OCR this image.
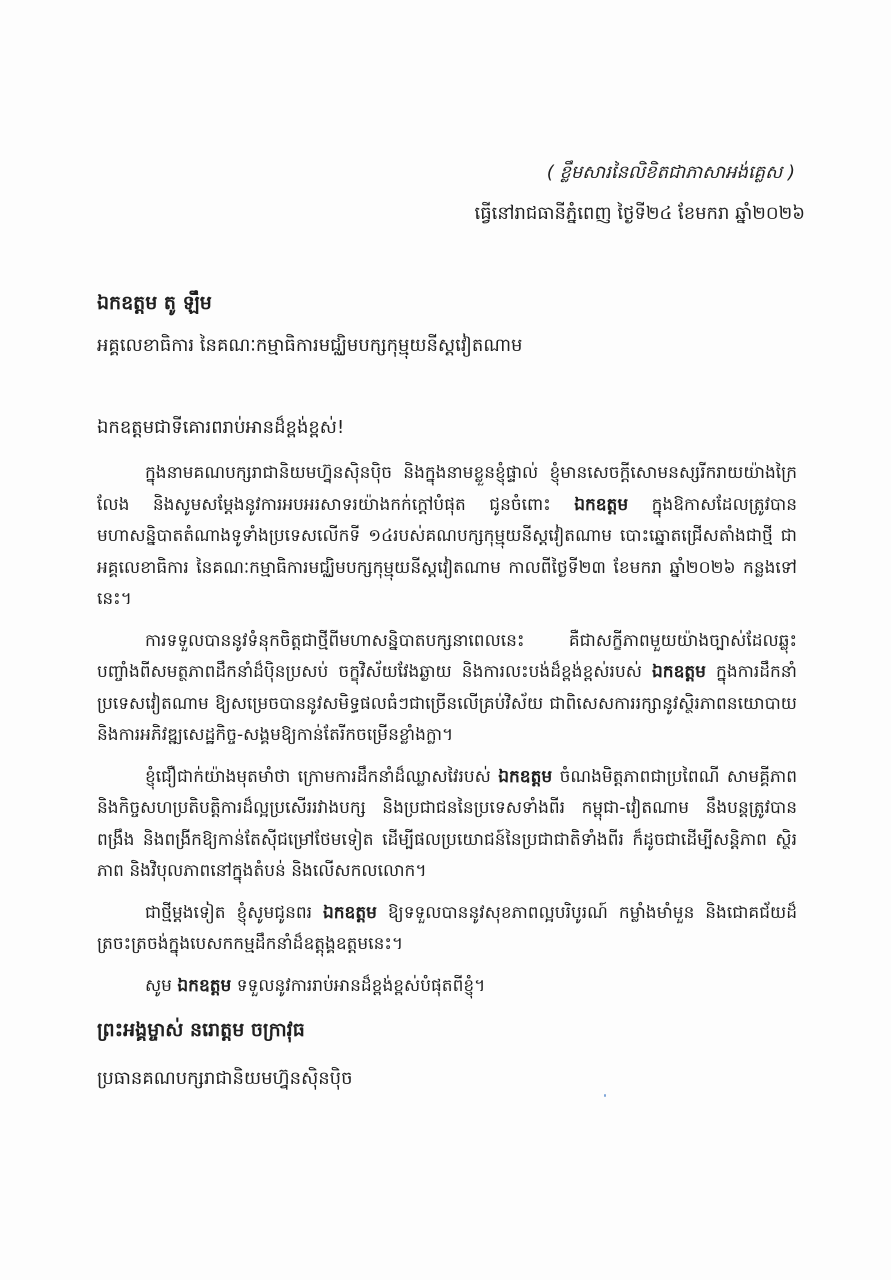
( ខ្លឹមសារនៃលិខិតជាភាសាអង់គ្លេស )
ធ្វើនៅរាជធានីភ្នំពេញ ថ្ងៃទី២៤ ខែមករា ឆ្នាំ២០២៦
ឯកឧត្តម តូ ឡឹម
អគ្គលេខាធិការ នៃគណៈកម្មាធិការមជ្ឈិមបក្សកុម្មុយនីស្តវៀតណាម
ឯកឧត្តមជាទីគោរពរាប់អានដ៏ខ្ពង់ខ្ពស់!

ក្នុងនាមគណបក្សរាជានិយមហ្វ៊ុនស៊ិនប៉ិច និងក្នុងនាមខ្លួនខ្ញុំផ្ទាល់ ខ្ញុំមានសេចក្តីសោមនស្សរីករាយយ៉ាងក្រៃលែង និងសូមសម្តែងនូវការអបអរសាទរយ៉ាងកក់ក្តៅបំផុត ជូនចំពោះ ឯកឧត្តម ក្នុងឱកាសដែលត្រូវបានមហាសន្និបាតតំណាងទូទាំងប្រទេសលើកទី ១៤របស់គណបក្សកុម្មុយនីស្តវៀតណាម បោះឆ្នោតជ្រើសតាំងជាថ្មី ជាអគ្គលេខាធិការ នៃគណៈកម្មាធិការមជ្ឈិមបក្សកុម្មុយនីស្តវៀតណាម កាលពីថ្ងៃទី២៣ ខែមករា ឆ្នាំ២០២៦ កន្លងទៅនេះ។

ការទទួលបាននូវទំនុកចិត្តជាថ្មីពីមហាសន្និបាតបក្សនាពេលនេះ គឺជាសក្ខីភាពមួយយ៉ាងច្បាស់ដែលឆ្លុះបញ្ចាំងពីសមត្ថភាពដឹកនាំដ៏ប៉ិនប្រសប់ ចក្ខុវិស័យវែងឆ្ងាយ និងការលះបង់ដ៏ខ្ពង់ខ្ពស់របស់ ឯកឧត្តម ក្នុងការដឹកនាំប្រទេសវៀតណាម ឱ្យសម្រេចបាននូវសមិទ្ធផលធំៗជាច្រើនលើគ្រប់វិស័យ ជាពិសេសការរក្សានូវស្ថិរភាពនយោបាយ និងការអភិវឌ្ឍសេដ្ឋកិច្ច-សង្គមឱ្យកាន់តែរីកចម្រើនខ្លាំងក្លា។

ខ្ញុំជឿជាក់យ៉ាងមុតមាំថា ក្រោមការដឹកនាំដ៏ឈ្លាសវៃរបស់ ឯកឧត្តម ចំណងមិត្តភាពជាប្រពៃណី សាមគ្គីភាព និងកិច្ចសហប្រតិបត្តិការដ៏ល្អប្រសើររវាងបក្ស និងប្រជាជននៃប្រទេសទាំងពីរ កម្ពុជា-វៀតណាម នឹងបន្តត្រូវបានពង្រឹង និងពង្រីកឱ្យកាន់តែស៊ីជម្រៅថែមទៀត ដើម្បីផលប្រយោជន៍នៃប្រជាជាតិទាំងពីរ ក៏ដូចជាដើម្បីសន្តិភាព ស្ថិរភាព និងវិបុលភាពនៅក្នុងតំបន់ និងលើសកលលោក។

ជាថ្មីម្តងទៀត ខ្ញុំសូមជូនពរ ឯកឧត្តម ឱ្យទទួលបាននូវសុខភាពល្អបរិបូរណ៍ កម្លាំងមាំមួន និងជោគជ័យដ៏ត្រចះត្រចង់ក្នុងបេសកកម្មដឹកនាំដ៏ឧត្តុង្គឧត្តមនេះ។

សូម ឯកឧត្តម ទទួលនូវការរាប់អានដ៏ខ្ពង់ខ្ពស់បំផុតពីខ្ញុំ។

ព្រះអង្គម្ចាស់ នរោត្តម ចក្រាវុធ
ប្រធានគណបក្សរាជានិយមហ្វ៊ុនស៊ិនប៉ិច
